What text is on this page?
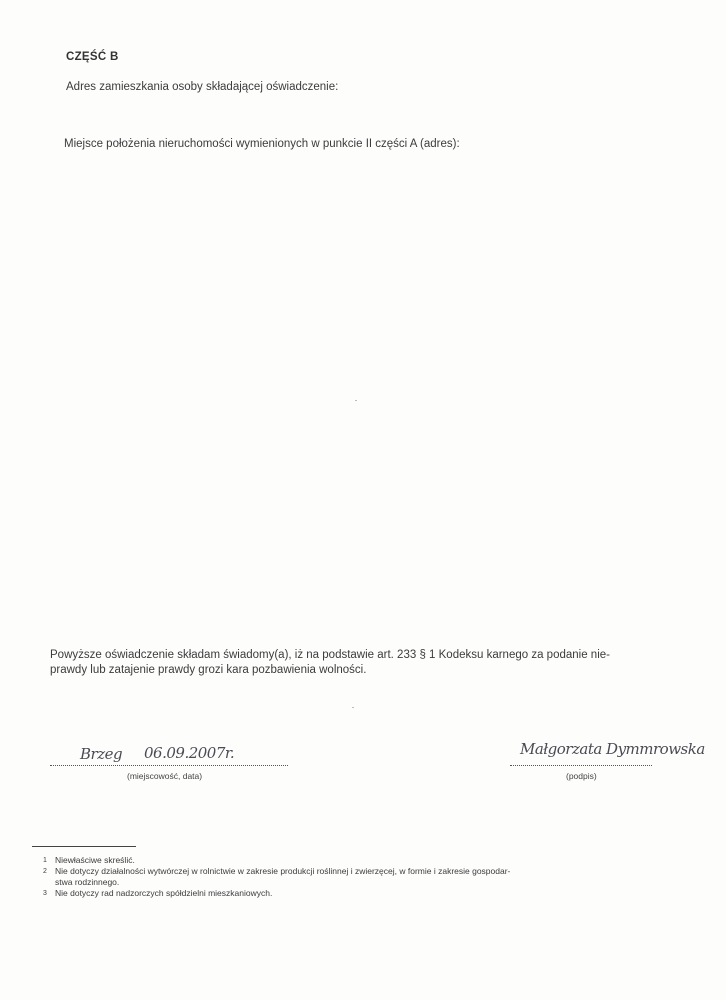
CZĘŚĆ B
Adres zamieszkania osoby składającej oświadczenie:
Miejsce położenia nieruchomości wymienionych w punkcie II części A (adres):
Powyższe oświadczenie składam świadomy(a), iż na podstawie art. 233 § 1 Kodeksu karnego za podanie nie-
prawdy lub zatajenie prawdy grozi kara pozbawienia wolności.
Brzeg 06.09.2007r.
(miejscowość, data)
Małgorzata Dymmrowska
(podpis)
1 Niewłaściwe skreślić.
2 Nie dotyczy działalności wytwórczej w rolnictwie w zakresie produkcji roślinnej i zwierzęcej, w formie i zakresie gospodar-
stwa rodzinnego.
3 Nie dotyczy rad nadzorczych spółdzielni mieszkaniowych.
